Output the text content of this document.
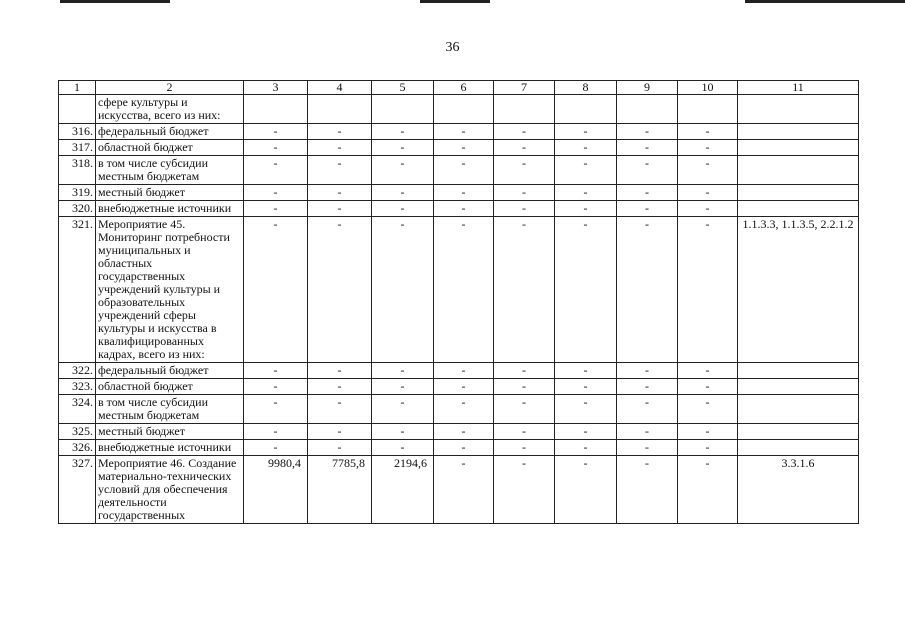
36
1	2	3	4	5	6	7	8	9	10	11
	сфере культуры и искусства, всего из них:									
316.	федеральный бюджет	-	-	-	-	-	-	-	-	
317.	областной бюджет	-	-	-	-	-	-	-	-	
318.	в том числе субсидии местным бюджетам	-	-	-	-	-	-	-	-	
319.	местный бюджет	-	-	-	-	-	-	-	-	
320.	внебюджетные источники	-	-	-	-	-	-	-	-	
321.	Мероприятие 45. Мониторинг потребности муниципальных и областных государственных учреждений культуры и образовательных учреждений сферы культуры и искусства в квалифицированных кадрах, всего из них:	-	-	-	-	-	-	-	-	1.1.3.3, 1.1.3.5, 2.2.1.2
322.	федеральный бюджет	-	-	-	-	-	-	-	-	
323.	областной бюджет	-	-	-	-	-	-	-	-	
324.	в том числе субсидии местным бюджетам	-	-	-	-	-	-	-	-	
325.	местный бюджет	-	-	-	-	-	-	-	-	
326.	внебюджетные источники	-	-	-	-	-	-	-	-	
327.	Мероприятие 46. Создание материально-технических условий для обеспечения деятельности государственных	9980,4	7785,8	2194,6	-	-	-	-	-	3.3.1.6
